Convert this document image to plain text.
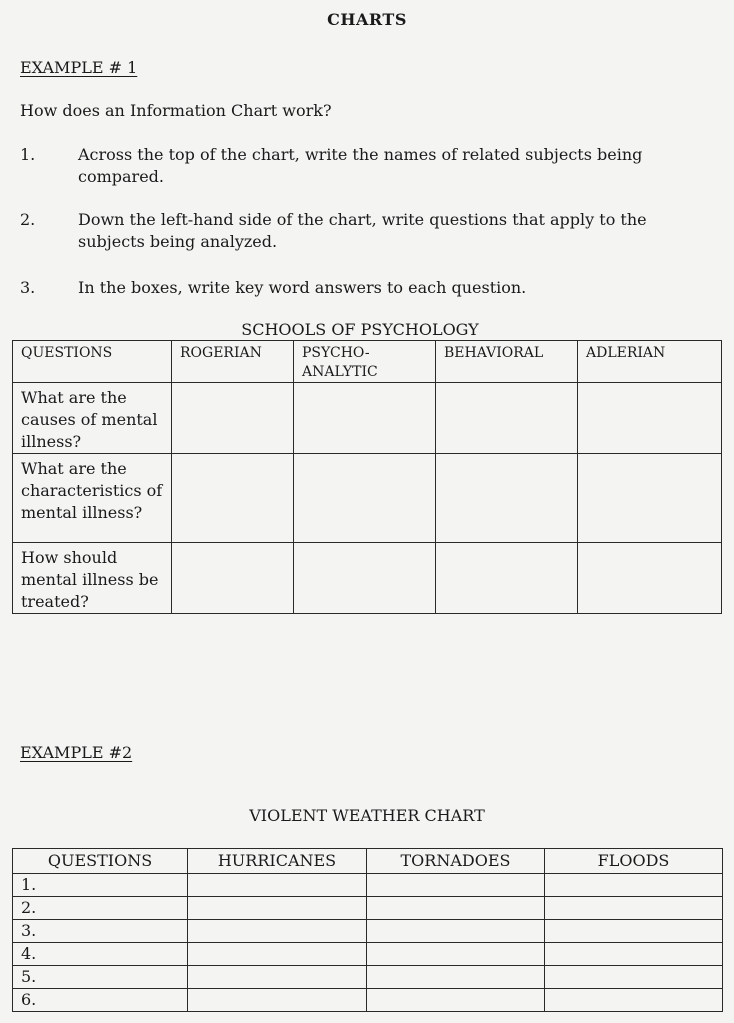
CHARTS
EXAMPLE # 1
How does an Information Chart work?
1.	Across the top of the chart, write the names of related subjects being compared.
2.	Down the left-hand side of the chart, write questions that apply to the subjects being analyzed.
3.	In the boxes, write key word answers to each question.
SCHOOLS OF PSYCHOLOGY
QUESTIONS	ROGERIAN	PSYCHO-ANALYTIC	BEHAVIORAL	ADLERIAN
What are the causes of mental illness?				
What are the characteristics of mental illness?				
How should mental illness be treated?				
EXAMPLE #2
VIOLENT WEATHER CHART
QUESTIONS	HURRICANES	TORNADOES	FLOODS
1.			
2.			
3.			
4.			
5.			
6.			
